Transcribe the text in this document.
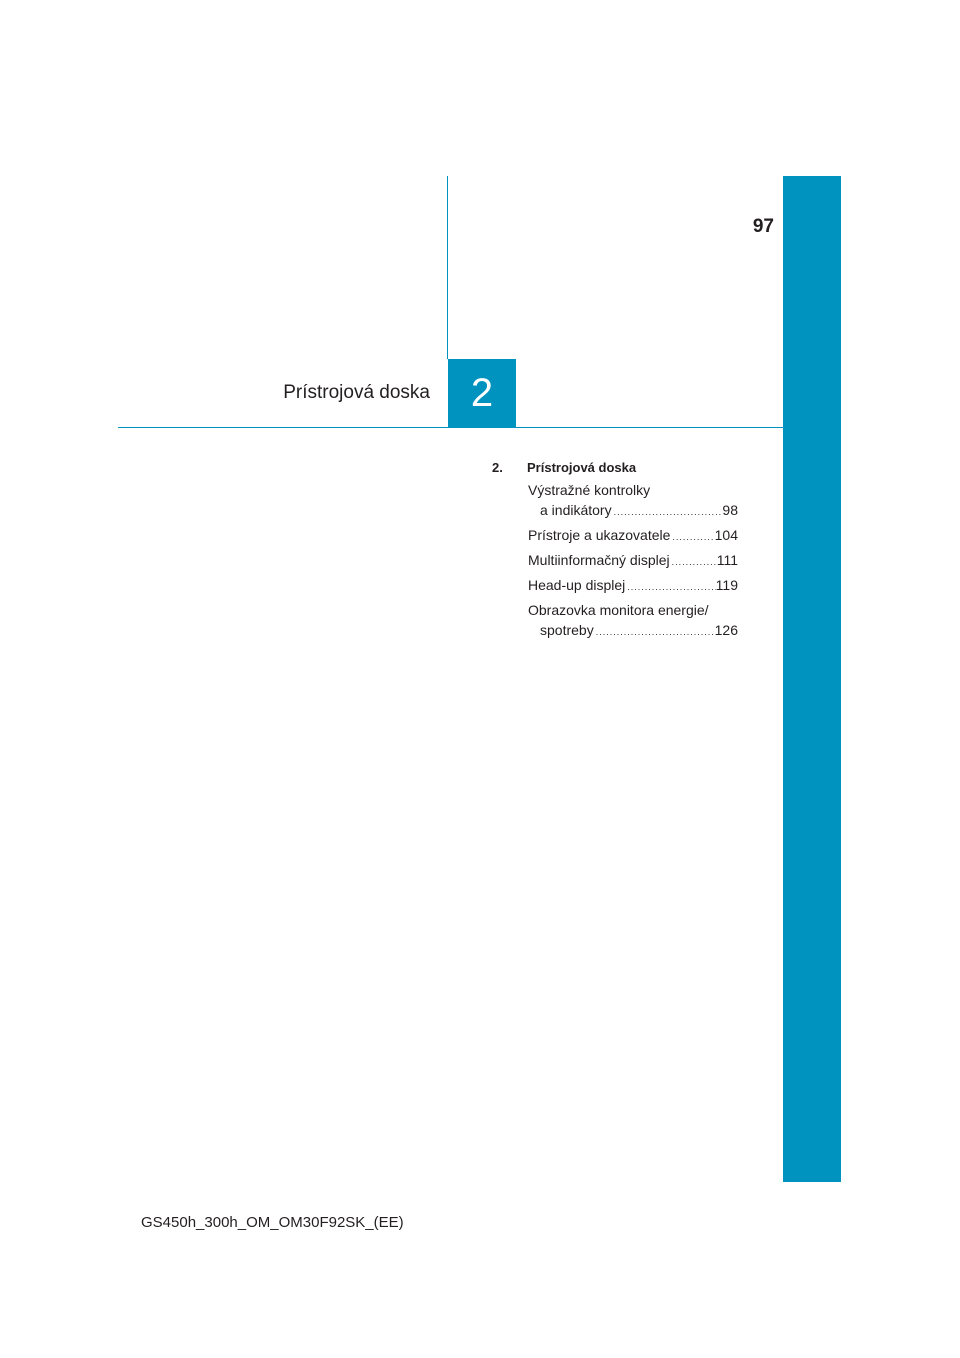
97
2
Prístrojová doska
2. Prístrojová doska
Výstražné kontrolky
a indikátory .....	98
Prístroje a ukazovatele .....	104
Multiinformačný displej .....	111
Head-up displej .....	119
Obrazovka monitora energie/
spotreby .....	126
GS450h_300h_OM_OM30F92SK_(EE)
